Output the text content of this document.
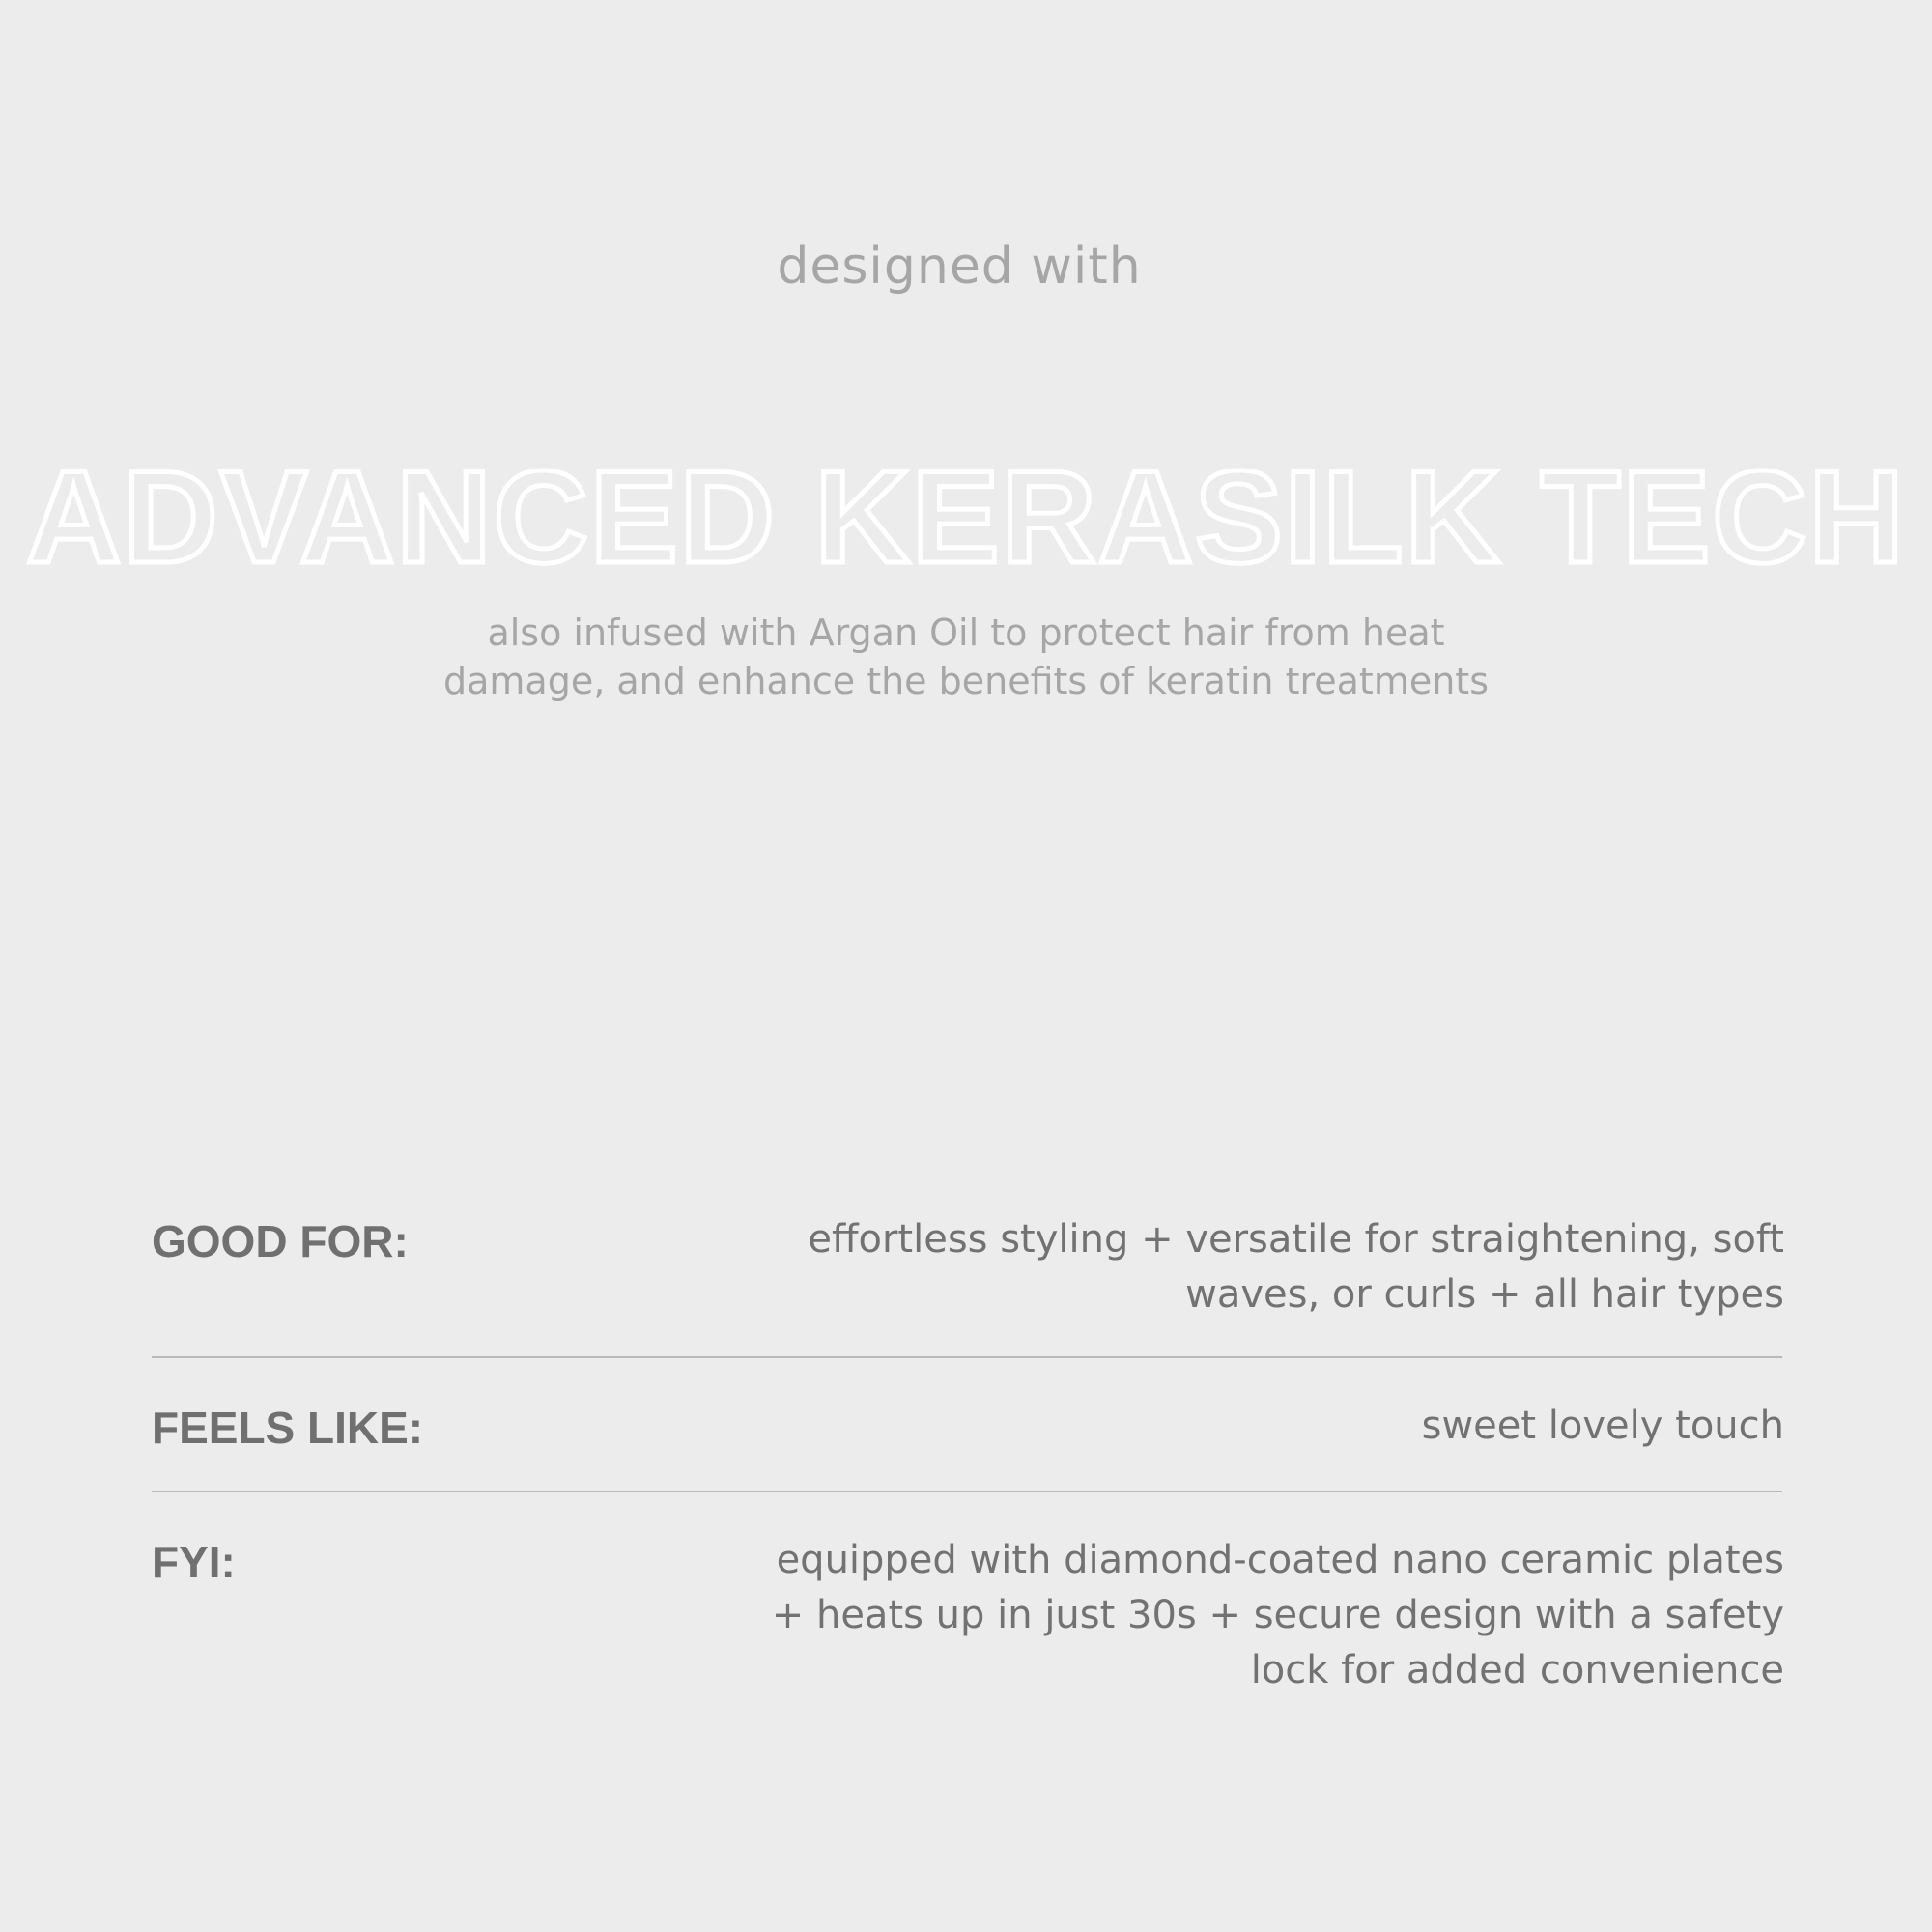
designed with
ADVANCED KERASILK TECH
also infused with Argan Oil to protect hair from heat
damage, and enhance the benefits of keratin treatments
GOOD FOR:	effortless styling + versatile for straightening, soft
waves, or curls + all hair types
FEELS LIKE:	sweet lovely touch
FYI:	equipped with diamond-coated nano ceramic plates
+ heats up in just 30s + secure design with a safety
lock for added convenience
